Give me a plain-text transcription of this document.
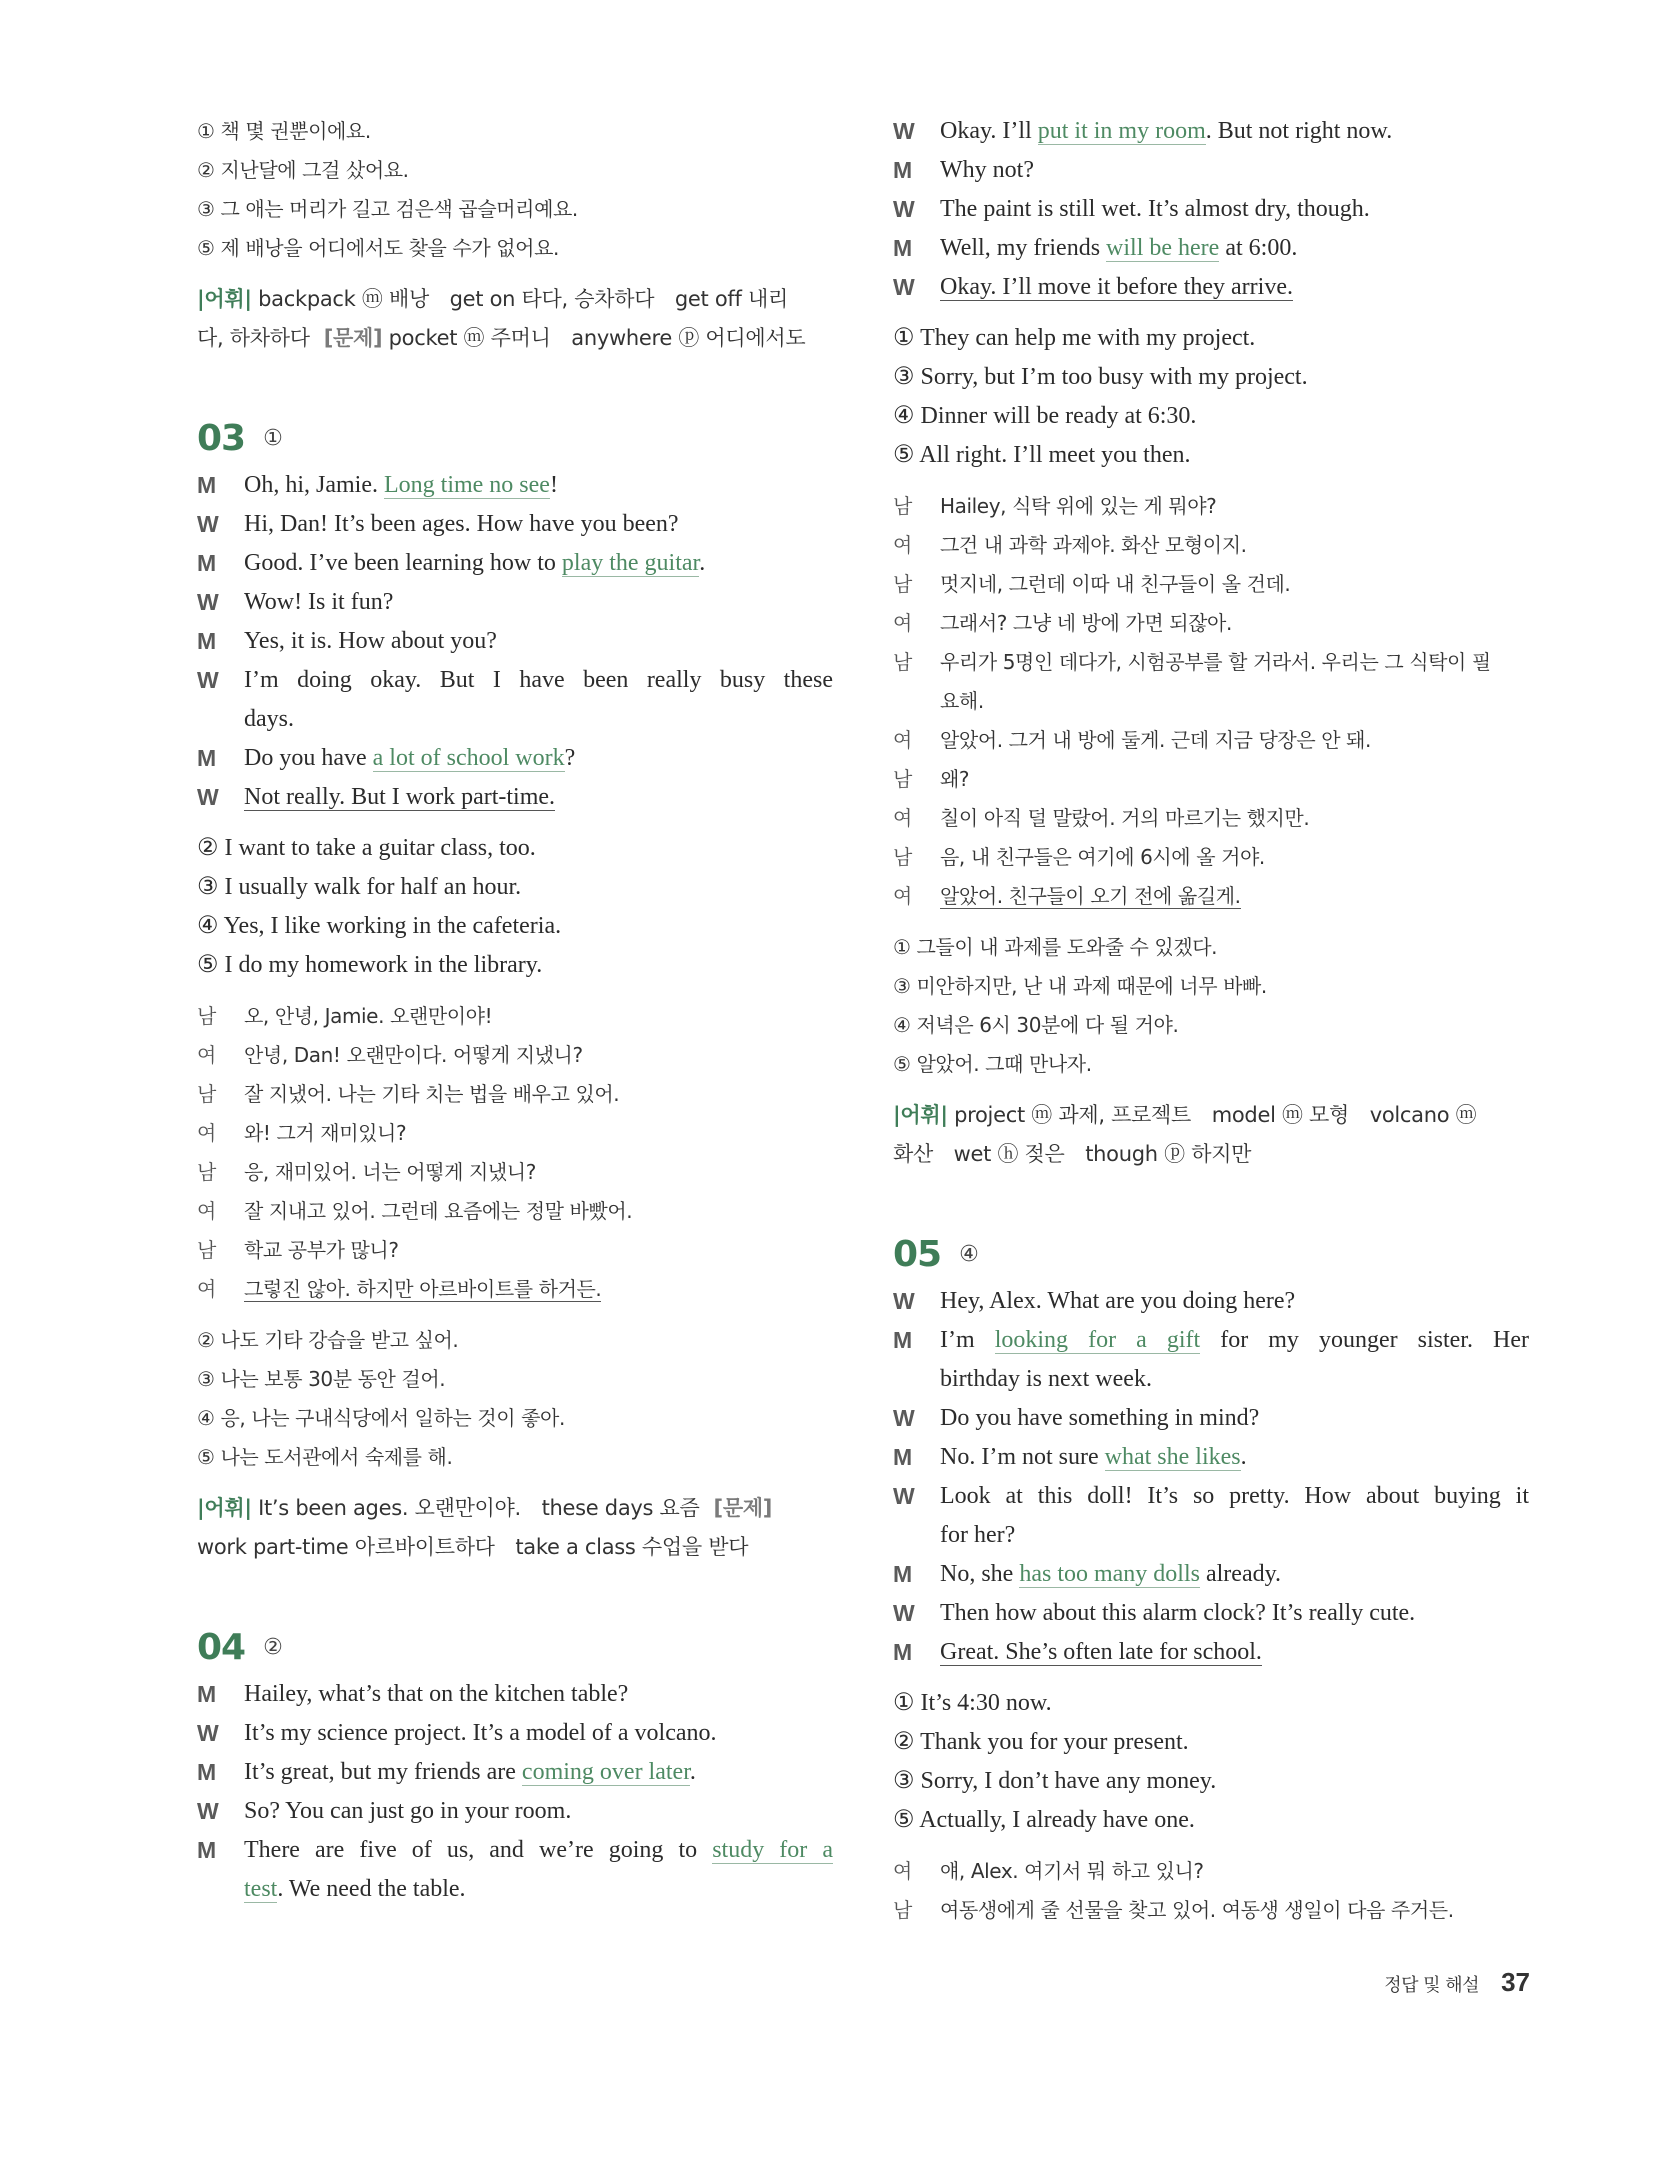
① 책 몇 권뿐이에요.
② 지난달에 그걸 샀어요.
③ 그 애는 머리가 길고 검은색 곱슬머리예요.
⑤ 제 배낭을 어디에서도 찾을 수가 없어요.
|어휘| backpack ⓜ 배낭　get on 타다, 승차하다　get off 내리
다, 하차하다 [문제] pocket ⓜ 주머니　anywhere ⓟ 어디에서도
03 ①
M	Oh, hi, Jamie. Long time no see!
W	Hi, Dan! It’s been ages. How have you been?
M	Good. I’ve been learning how to play the guitar.
W	Wow! Is it fun?
M	Yes, it is. How about you?
W	I’m doing okay. But I have been really busy these
days.
M	Do you have a lot of school work?
W	Not really. But I work part-time.
② I want to take a guitar class, too.
③ I usually walk for half an hour.
④ Yes, I like working in the cafeteria.
⑤ I do my homework in the library.
남	오, 안녕, Jamie. 오랜만이야!
여	안녕, Dan! 오랜만이다. 어떻게 지냈니?
남	잘 지냈어. 나는 기타 치는 법을 배우고 있어.
여	와! 그거 재미있니?
남	응, 재미있어. 너는 어떻게 지냈니?
여	잘 지내고 있어. 그런데 요즘에는 정말 바빴어.
남	학교 공부가 많니?
여	그렇진 않아. 하지만 아르바이트를 하거든.
② 나도 기타 강습을 받고 싶어.
③ 나는 보통 30분 동안 걸어.
④ 응, 나는 구내식당에서 일하는 것이 좋아.
⑤ 나는 도서관에서 숙제를 해.
|어휘| It’s been ages. 오랜만이야.　these days 요즘 [문제]
work part-time 아르바이트하다　take a class 수업을 받다
04 ②
M	Hailey, what’s that on the kitchen table?
W	It’s my science project. It’s a model of a volcano.
M	It’s great, but my friends are coming over later.
W	So? You can just go in your room.
M	There are five of us, and we’re going to study for a
test. We need the table.
W	Okay. I’ll put it in my room. But not right now.
M	Why not?
W	The paint is still wet. It’s almost dry, though.
M	Well, my friends will be here at 6:00.
W	Okay. I’ll move it before they arrive.
① They can help me with my project.
③ Sorry, but I’m too busy with my project.
④ Dinner will be ready at 6:30.
⑤ All right. I’ll meet you then.
남	Hailey, 식탁 위에 있는 게 뭐야?
여	그건 내 과학 과제야. 화산 모형이지.
남	멋지네, 그런데 이따 내 친구들이 올 건데.
여	그래서? 그냥 네 방에 가면 되잖아.
남	우리가 5명인 데다가, 시험공부를 할 거라서. 우리는 그 식탁이 필
요해.
여	알았어. 그거 내 방에 둘게. 근데 지금 당장은 안 돼.
남	왜?
여	칠이 아직 덜 말랐어. 거의 마르기는 했지만.
남	음, 내 친구들은 여기에 6시에 올 거야.
여	알았어. 친구들이 오기 전에 옮길게.
① 그들이 내 과제를 도와줄 수 있겠다.
③ 미안하지만, 난 내 과제 때문에 너무 바빠.
④ 저녁은 6시 30분에 다 될 거야.
⑤ 알았어. 그때 만나자.
|어휘| project ⓜ 과제, 프로젝트　model ⓜ 모형　volcano ⓜ
화산　wet ⓗ 젖은　though ⓟ 하지만
05 ④
W	Hey, Alex. What are you doing here?
M	I’m looking for a gift for my younger sister. Her
birthday is next week.
W	Do you have something in mind?
M	No. I’m not sure what she likes.
W	Look at this doll! It’s so pretty. How about buying it
for her?
M	No, she has too many dolls already.
W	Then how about this alarm clock? It’s really cute.
M	Great. She’s often late for school.
① It’s 4:30 now.
② Thank you for your present.
③ Sorry, I don’t have any money.
⑤ Actually, I already have one.
여	얘, Alex. 여기서 뭐 하고 있니?
남	여동생에게 줄 선물을 찾고 있어. 여동생 생일이 다음 주거든.
정답 및 해설 37
